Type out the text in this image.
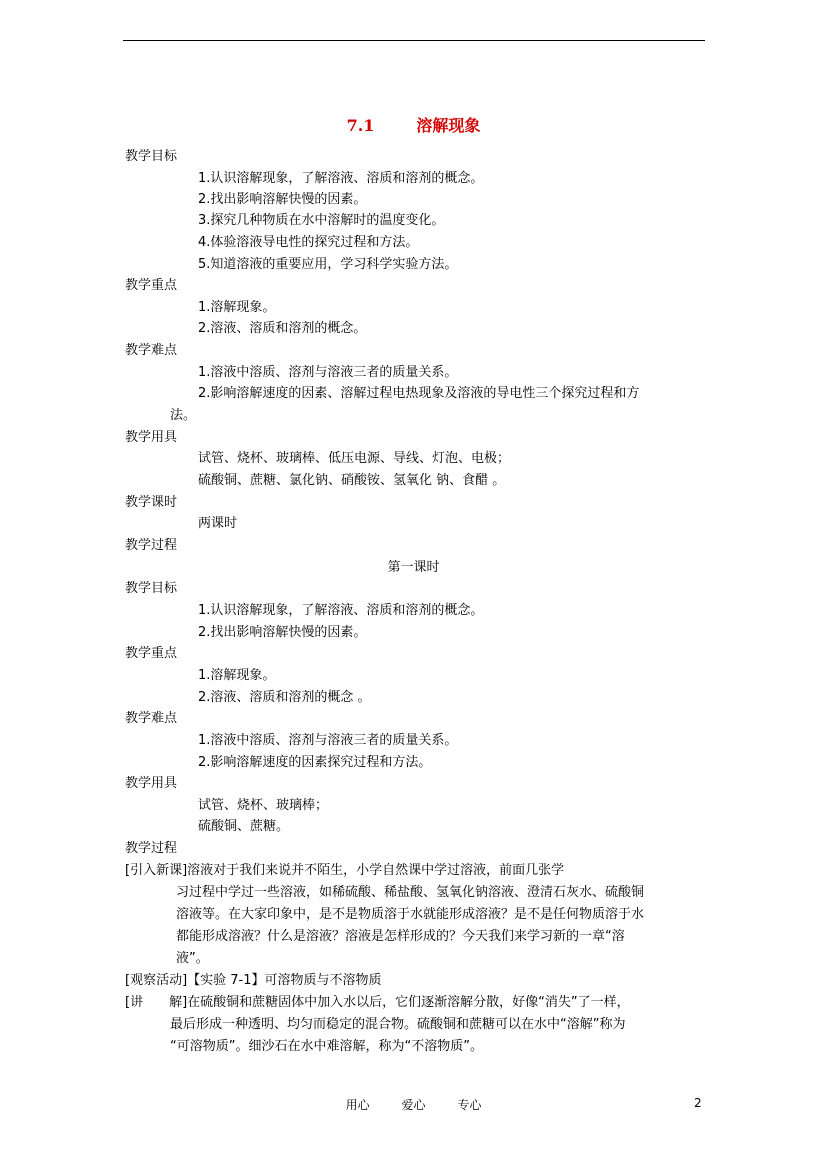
7.1	溶解现象
教学目标
1.认识溶解现象，了解溶液、溶质和溶剂的概念。
2.找出影响溶解快慢的因素。
3.探究几种物质在水中溶解时的温度变化。
4.体验溶液导电性的探究过程和方法。
5.知道溶液的重要应用，学习科学实验方法。
教学重点
1.溶解现象。
2.溶液、溶质和溶剂的概念。
教学难点
1.溶液中溶质、溶剂与溶液三者的质量关系。
2.影响溶解速度的因素、溶解过程电热现象及溶液的导电性三个探究过程和方
法。
教学用具
试管、烧杯、玻璃棒、低压电源、导线、灯泡、电极；
硫酸铜、蔗糖、氯化钠、硝酸铵、氢氧化 钠、食醋 。
教学课时
两课时
教学过程
第一课时
教学目标
1.认识溶解现象，了解溶液、溶质和溶剂的概念。
2.找出影响溶解快慢的因素。
教学重点
1.溶解现象。
2.溶液、溶质和溶剂的概念 。
教学难点
1.溶液中溶质、溶剂与溶液三者的质量关系。
2.影响溶解速度的因素探究过程和方法。
教学用具
试管、烧杯、玻璃棒；
硫酸铜、蔗糖。
教学过程
[引入新课]溶液对于我们来说并不陌生，小学自然课中学过溶液，前面几张学
习过程中学过一些溶液，如稀硫酸、稀盐酸、氢氧化钠溶液、澄清石灰水、硫酸铜
溶液等。在大家印象中，是不是物质溶于水就能形成溶液？是不是任何物质溶于水
都能形成溶液？什么是溶液？溶液是怎样形成的？今天我们来学习新的一章“溶
液”。
[观察活动]【实验 7-1】可溶物质与不溶物质
[讲　　解]在硫酸铜和蔗糖固体中加入水以后，它们逐渐溶解分散，好像“消失”了一样，
最后形成一种透明、均匀而稳定的混合物。硫酸铜和蔗糖可以在水中“溶解”称为
“可溶物质”。细沙石在水中难溶解，称为“不溶物质”。
用心	爱心	专心	2
